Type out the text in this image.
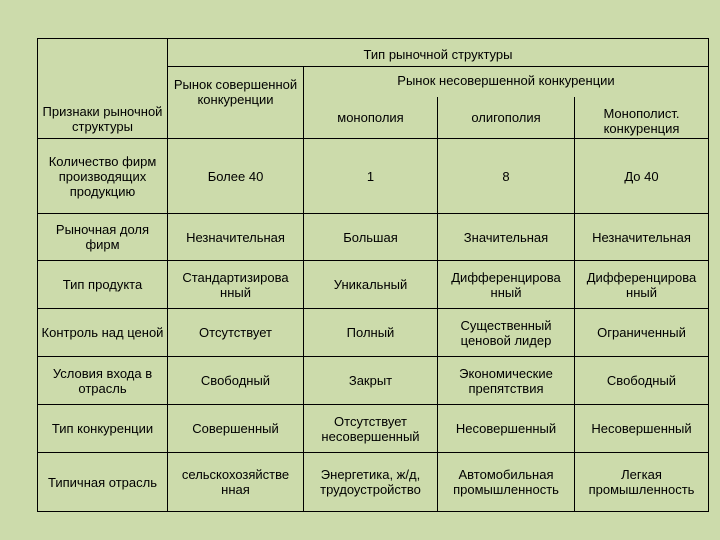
Признаки рыночной структуры	Тип рыночной структуры			
	Рынок совершенной конкуренции	Рынок несовершенной конкуренции		
		монополия	олигополия	Монополист. конкуренция
Количество фирм производящих продукцию	Более 40	1	8	До 40
Рыночная доля фирм	Незначительная	Большая	Значительная	Незначительная
Тип продукта	Стандартизирова нный	Уникальный	Дифференцирова нный	Дифференцирова нный
Контроль над ценой	Отсутствует	Полный	Существенный ценовой лидер	Ограниченный
Условия входа в отрасль	Свободный	Закрыт	Экономические препятствия	Свободный
Тип конкуренции	Совершенный	Отсутствует несовершенный	Несовершенный	Несовершенный
Типичная отрасль	сельскохозяйстве нная	Энергетика, ж/д, трудоустройство	Автомобильная промышленность	Легкая промышленность
